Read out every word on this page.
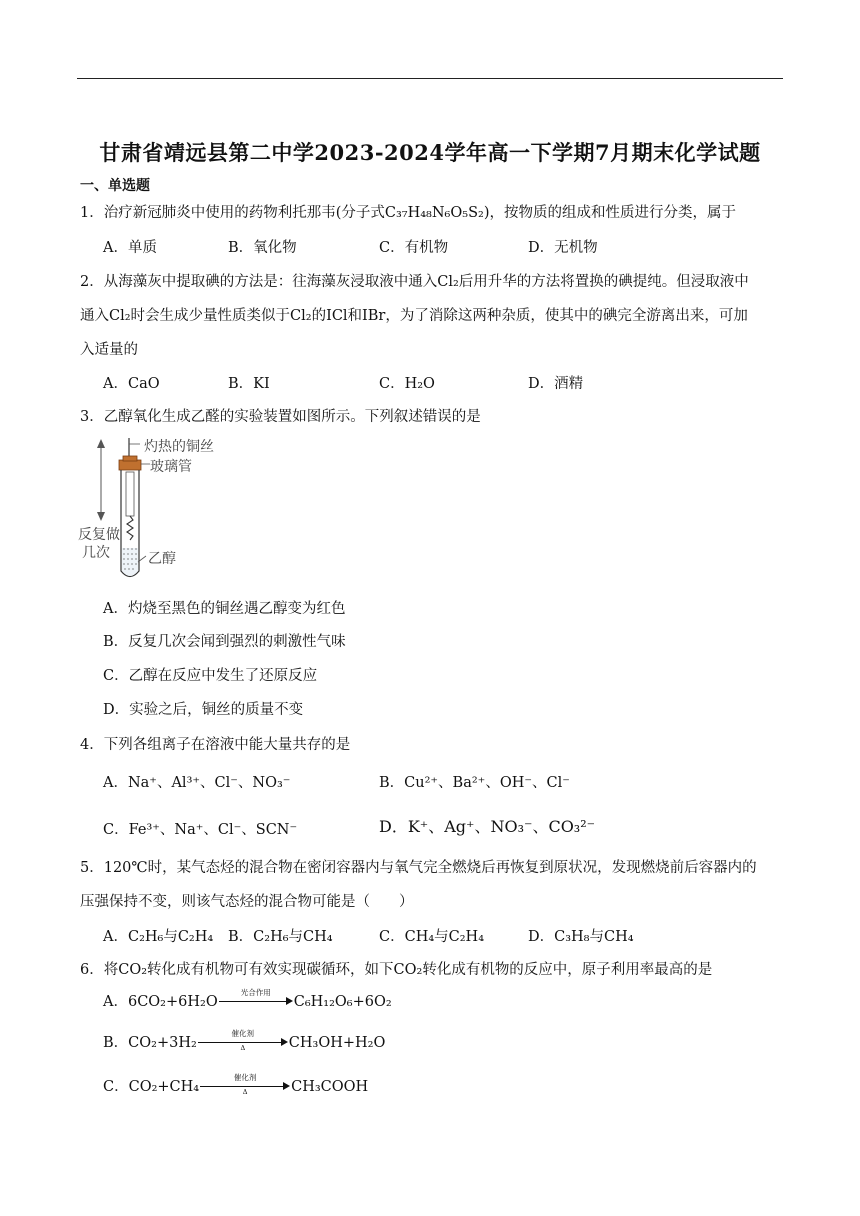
甘肃省靖远县第二中学2023-2024学年高一下学期7月期末化学试题
一、单选题
1．治疗新冠肺炎中使用的药物利托那韦(分子式C₃₇H₄₈N₆O₅S₂)，按物质的组成和性质进行分类，属于
A．单质	B．氧化物	C．有机物	D．无机物
2．从海藻灰中提取碘的方法是：往海藻灰浸取液中通入Cl₂后用升华的方法将置换的碘提纯。但浸取液中
通入Cl₂时会生成少量性质类似于Cl₂的ICl和IBr，为了消除这两种杂质，使其中的碘完全游离出来，可加
入适量的
A．CaO	B．KI	C．H₂O	D．酒精
3．乙醇氧化生成乙醛的实验装置如图所示。下列叙述错误的是
灼热的铜丝
玻璃管
反复做
几次	乙醇
A．灼烧至黑色的铜丝遇乙醇变为红色
B．反复几次会闻到强烈的刺激性气味
C．乙醇在反应中发生了还原反应
D．实验之后，铜丝的质量不变
4．下列各组离子在溶液中能大量共存的是
A．Na⁺、Al³⁺、Cl⁻、NO₃⁻	B．Cu²⁺、Ba²⁺、OH⁻、Cl⁻
C．Fe³⁺、Na⁺、Cl⁻、SCN⁻	D．K⁺、Ag⁺、NO₃⁻、CO₃²⁻
5．120℃时，某气态烃的混合物在密闭容器内与氧气完全燃烧后再恢复到原状况，发现燃烧前后容器内的
压强保持不变，则该气态烃的混合物可能是（　　）
A．C₂H₆与C₂H₄ B．C₂H₆与CH₄	C．CH₄与C₂H₄	D．C₃H₈与CH₄
6．将CO₂转化成有机物可有效实现碳循环，如下CO₂转化成有机物的反应中，原子利用率最高的是
A．6CO₂+6H₂O
光合作用
C₆H₁₂O₆+6O₂
B．CO₂+3H₂
催化剂
Δ	CH₃OH+H₂O
C．CO₂+CH₄
催化剂
Δ	CH₃COOH
